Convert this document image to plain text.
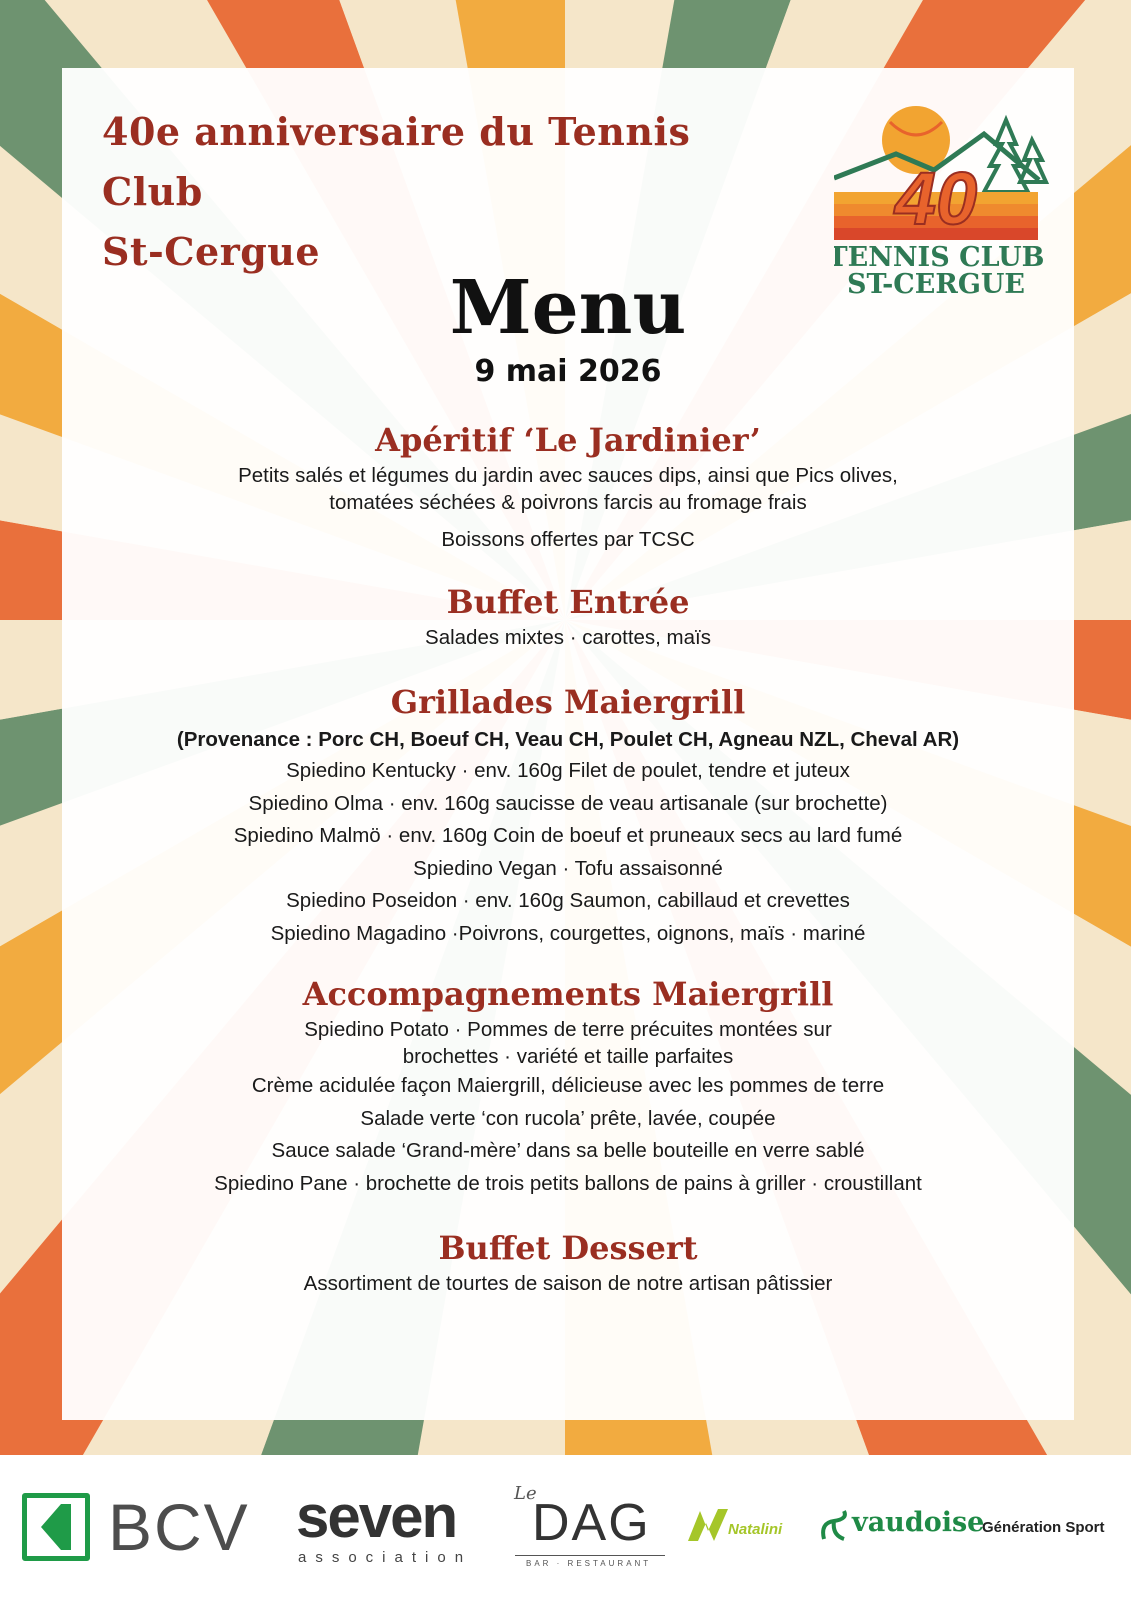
40e anniversaire du Tennis Club
St-Cergue
40
TENNIS CLUB
ST-CERGUE
Menu
9 mai 2026
Apéritif ‘Le Jardinier’
Petits salés et légumes du jardin avec sauces dips, ainsi que Pics olives,
tomatées séchées & poivrons farcis au fromage frais
Boissons offertes par TCSC
Buffet Entrée
Salades mixtes · carottes, maïs
Grillades Maiergrill
(Provenance : Porc CH, Boeuf CH, Veau CH, Poulet CH, Agneau NZL, Cheval AR)
Spiedino Kentucky · env. 160g Filet de poulet, tendre et juteux
Spiedino Olma · env. 160g saucisse de veau artisanale (sur brochette)
Spiedino Malmö · env. 160g Coin de boeuf et pruneaux secs au lard fumé
Spiedino Vegan · Tofu assaisonné
Spiedino Poseidon · env. 160g Saumon, cabillaud et crevettes
Spiedino Magadino ·Poivrons, courgettes, oignons, maïs · mariné
Accompagnements Maiergrill
Spiedino Potato · Pommes de terre précuites montées sur
brochettes · variété et taille parfaites
Crème acidulée façon Maiergrill, délicieuse avec les pommes de terre
Salade verte ‘con rucola’ prête, lavée, coupée
Sauce salade ‘Grand-mère’ dans sa belle bouteille en verre sablé
Spiedino Pane · brochette de trois petits ballons de pains à griller · croustillant
Buffet Dessert
Assortiment de tourtes de saison de notre artisan pâtissier
BCV seven
association
Le
DAG
BAR · RESTAURANT
Natalini	vaudoise
Génération Sport
